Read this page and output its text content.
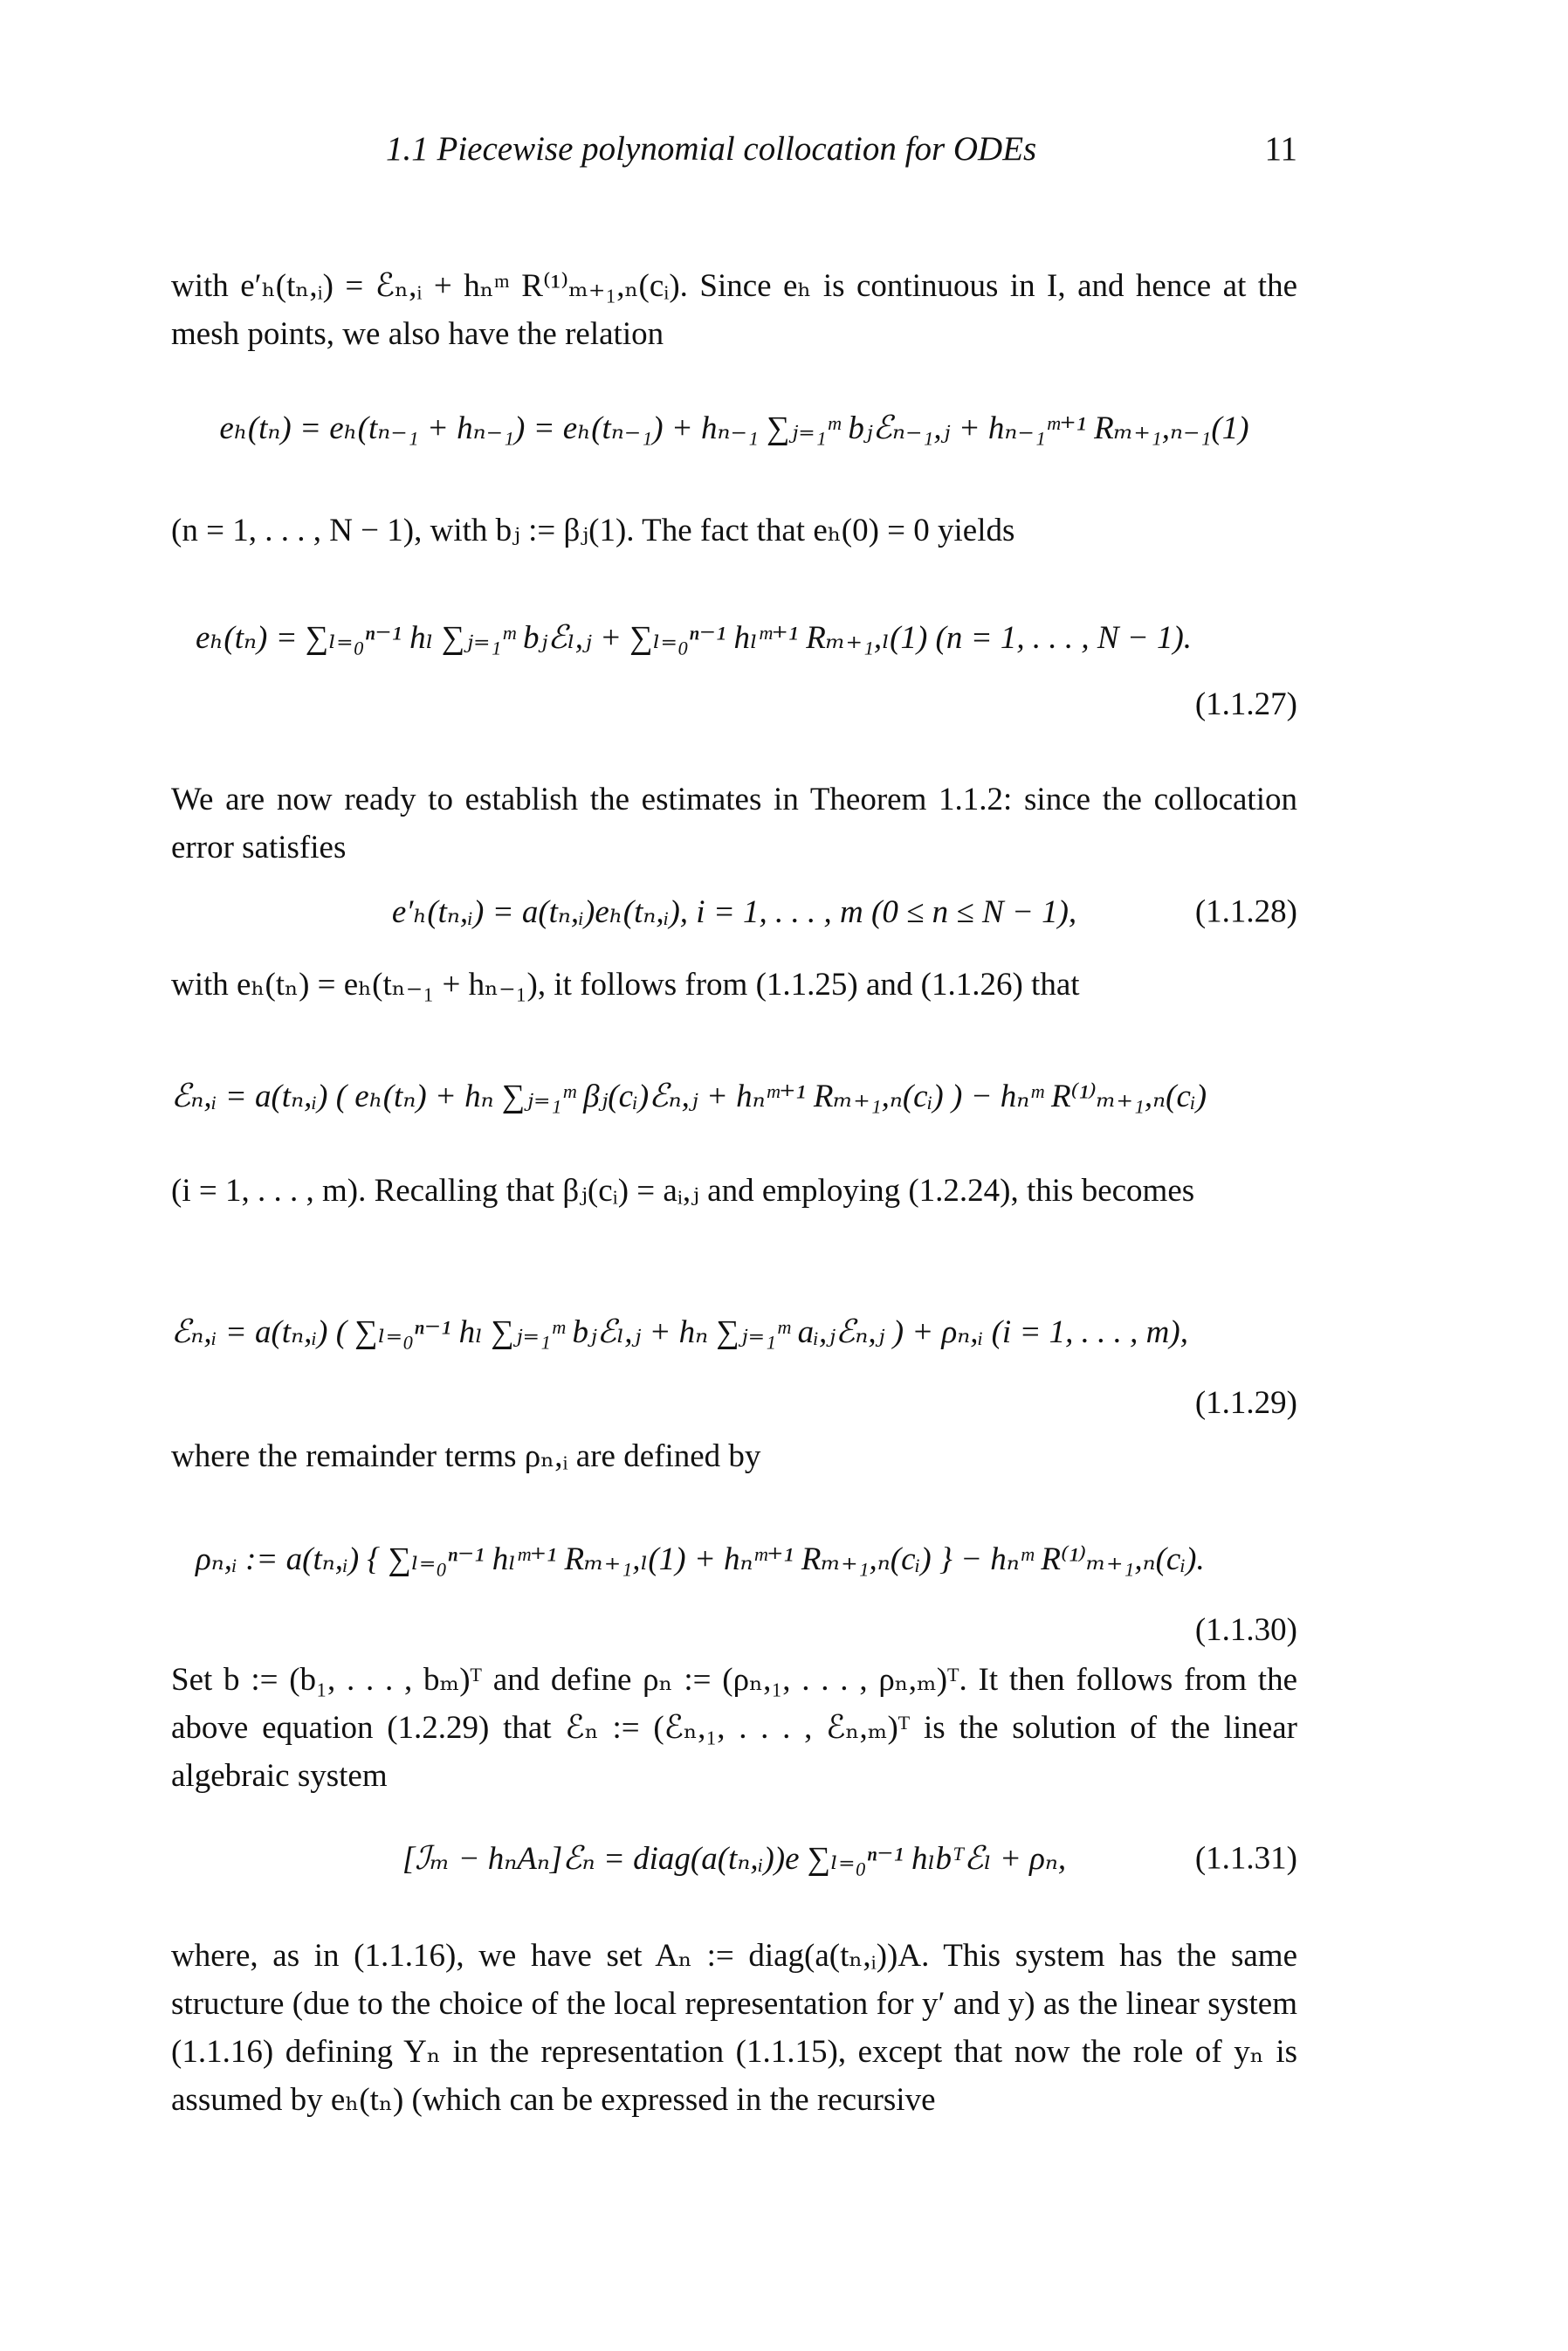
1.1 Piecewise polynomial collocation for ODEs	11

with e′ₕ(tₙ,ᵢ) = ℰₙ,ᵢ + hₙᵐ R⁽¹⁾ₘ₊₁,ₙ(cᵢ). Since eₕ is continuous in I, and hence at the mesh points, we also have the relation

eₕ(tₙ) = eₕ(tₙ₋₁ + hₙ₋₁) = eₕ(tₙ₋₁) + hₙ₋₁ ∑ⱼ₌₁ᵐ bⱼℰₙ₋₁,ⱼ + hₙ₋₁ᵐ⁺¹ Rₘ₊₁,ₙ₋₁(1)

(n = 1, . . . , N − 1), with bⱼ := βⱼ(1). The fact that eₕ(0) = 0 yields

eₕ(tₙ) = ∑ₗ₌₀ⁿ⁻¹ hₗ ∑ⱼ₌₁ᵐ bⱼℰₗ,ⱼ + ∑ₗ₌₀ⁿ⁻¹ hₗᵐ⁺¹ Rₘ₊₁,ₗ(1) (n = 1, . . . , N − 1).
(1.1.27)

We are now ready to establish the estimates in Theorem 1.1.2: since the collocation error satisfies

e′ₕ(tₙ,ᵢ) = a(tₙ,ᵢ)eₕ(tₙ,ᵢ), i = 1, . . . , m (0 ≤ n ≤ N − 1),	(1.1.28)

with eₕ(tₙ) = eₕ(tₙ₋₁ + hₙ₋₁), it follows from (1.1.25) and (1.1.26) that

ℰₙ,ᵢ = a(tₙ,ᵢ) ( eₕ(tₙ) + hₙ ∑ⱼ₌₁ᵐ βⱼ(cᵢ)ℰₙ,ⱼ + hₙᵐ⁺¹ Rₘ₊₁,ₙ(cᵢ) ) − hₙᵐ R⁽¹⁾ₘ₊₁,ₙ(cᵢ)

(i = 1, . . . , m). Recalling that βⱼ(cᵢ) = aᵢ,ⱼ and employing (1.2.24), this becomes

ℰₙ,ᵢ = a(tₙ,ᵢ) ( ∑ₗ₌₀ⁿ⁻¹ hₗ ∑ⱼ₌₁ᵐ bⱼℰₗ,ⱼ + hₙ ∑ⱼ₌₁ᵐ aᵢ,ⱼℰₙ,ⱼ ) + ρₙ,ᵢ (i = 1, . . . , m),
(1.1.29)

where the remainder terms ρₙ,ᵢ are defined by

ρₙ,ᵢ := a(tₙ,ᵢ) { ∑ₗ₌₀ⁿ⁻¹ hₗᵐ⁺¹ Rₘ₊₁,ₗ(1) + hₙᵐ⁺¹ Rₘ₊₁,ₙ(cᵢ) } − hₙᵐ R⁽¹⁾ₘ₊₁,ₙ(cᵢ).
(1.1.30)

Set b := (b₁, . . . , bₘ)ᵀ and define ρₙ := (ρₙ,₁, . . . , ρₙ,ₘ)ᵀ. It then follows from the above equation (1.2.29) that ℰₙ := (ℰₙ,₁, . . . , ℰₙ,ₘ)ᵀ is the solution of the linear algebraic system

[ℐₘ − hₙAₙ]ℰₙ = diag(a(tₙ,ᵢ))e ∑ₗ₌₀ⁿ⁻¹ hₗbᵀℰₗ + ρₙ,	(1.1.31)

where, as in (1.1.16), we have set Aₙ := diag(a(tₙ,ᵢ))A. This system has the same structure (due to the choice of the local representation for y′ and y) as the linear system (1.1.16) defining Yₙ in the representation (1.1.15), except that now the role of yₙ is assumed by eₕ(tₙ) (which can be expressed in the recursive
